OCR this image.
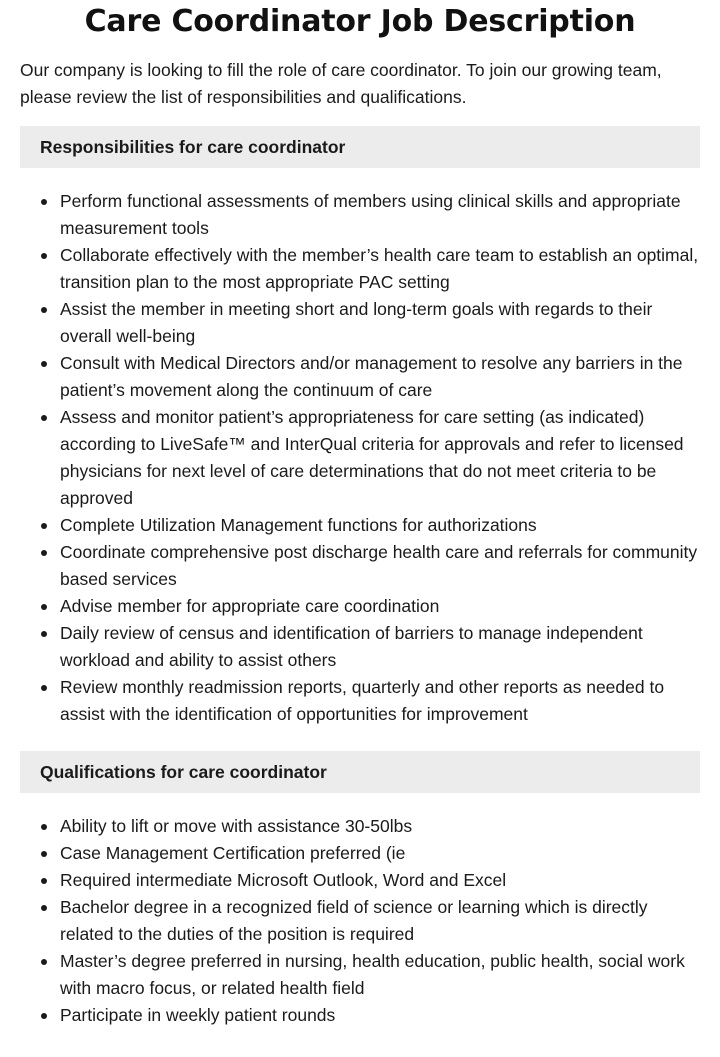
Care Coordinator Job Description

Our company is looking to fill the role of care coordinator. To join our growing team, please review the list of responsibilities and qualifications.

Responsibilities for care coordinator
Perform functional assessments of members using clinical skills and appropriate measurement tools
Collaborate effectively with the member’s health care team to establish an optimal, transition plan to the most appropriate PAC setting
Assist the member in meeting short and long-term goals with regards to their overall well-being
Consult with Medical Directors and/or management to resolve any barriers in the patient’s movement along the continuum of care
Assess and monitor patient’s appropriateness for care setting (as indicated) according to LiveSafe™ and InterQual criteria for approvals and refer to licensed physicians for next level of care determinations that do not meet criteria to be approved
Complete Utilization Management functions for authorizations
Coordinate comprehensive post discharge health care and referrals for community based services
Advise member for appropriate care coordination
Daily review of census and identification of barriers to manage independent workload and ability to assist others
Review monthly readmission reports, quarterly and other reports as needed to assist with the identification of opportunities for improvement
Qualifications for care coordinator
Ability to lift or move with assistance 30-50lbs
Case Management Certification preferred (ie
Required intermediate Microsoft Outlook, Word and Excel
Bachelor degree in a recognized field of science or learning which is directly related to the duties of the position is required
Master’s degree preferred in nursing, health education, public health, social work with macro focus, or related health field
Participate in weekly patient rounds
